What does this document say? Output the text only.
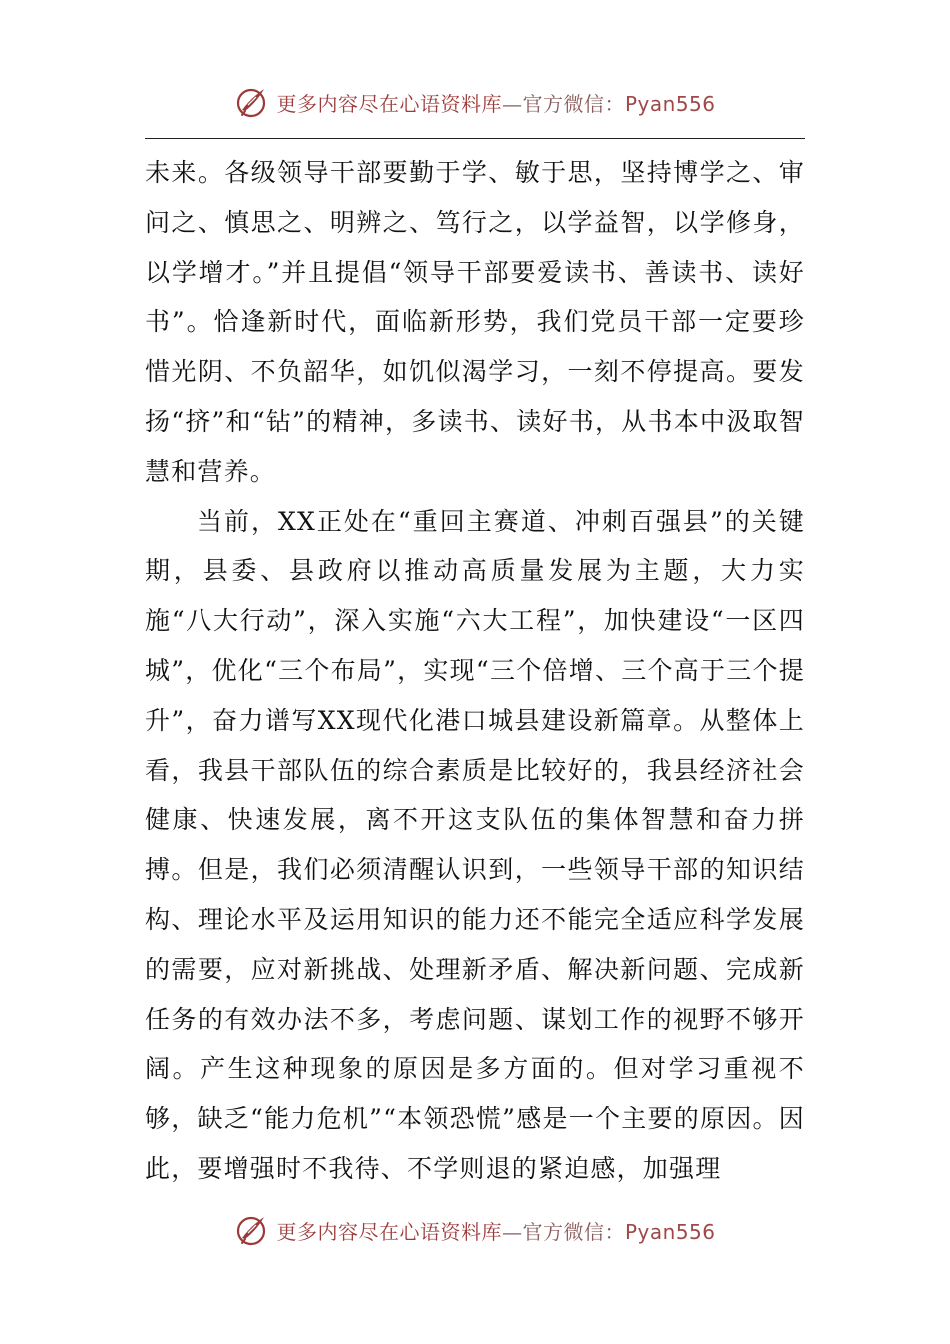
更多内容尽在心语资料库—官方微信：Pyan556

未来。各级领导干部要勤于学、敏于思，坚持博学之、审问之、慎思之、明辨之、笃行之，以学益智，以学修身，以学增才。”并且提倡“领导干部要爱读书、善读书、读好书”。恰逢新时代，面临新形势，我们党员干部一定要珍惜光阴、不负韶华，如饥似渴学习，一刻不停提高。要发扬“挤”和“钻”的精神，多读书、读好书，从书本中汲取智慧和营养。

当前，XX正处在“重回主赛道、冲刺百强县”的关键期，县委、县政府以推动高质量发展为主题，大力实施“八大行动”，深入实施“六大工程”，加快建设“一区四城”，优化“三个布局”，实现“三个倍增、三个高于三个提升”，奋力谱写XX现代化港口城县建设新篇章。从整体上看，我县干部队伍的综合素质是比较好的，我县经济社会健康、快速发展，离不开这支队伍的集体智慧和奋力拼搏。但是，我们必须清醒认识到，一些领导干部的知识结构、理论水平及运用知识的能力还不能完全适应科学发展的需要，应对新挑战、处理新矛盾、解决新问题、完成新任务的有效办法不多，考虑问题、谋划工作的视野不够开阔。产生这种现象的原因是多方面的。但对学习重视不够，缺乏“能力危机”“本领恐慌”感是一个主要的原因。因此，要增强时不我待、不学则退的紧迫感，加强理

更多内容尽在心语资料库—官方微信：Pyan556
